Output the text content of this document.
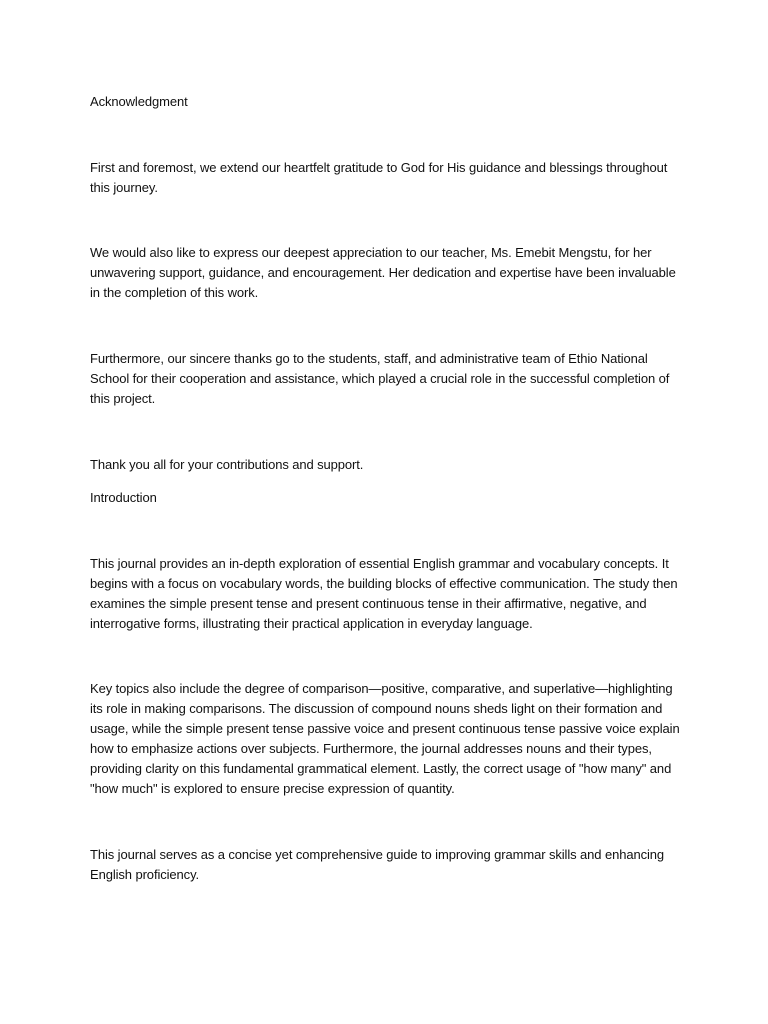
Acknowledgment

First and foremost, we extend our heartfelt gratitude to God for His guidance and blessings throughout this journey.

We would also like to express our deepest appreciation to our teacher, Ms. Emebit Mengstu, for her unwavering support, guidance, and encouragement. Her dedication and expertise have been invaluable in the completion of this work.

Furthermore, our sincere thanks go to the students, staff, and administrative team of Ethio National School for their cooperation and assistance, which played a crucial role in the successful completion of this project.

Thank you all for your contributions and support.

Introduction

This journal provides an in-depth exploration of essential English grammar and vocabulary concepts. It begins with a focus on vocabulary words, the building blocks of effective communication. The study then examines the simple present tense and present continuous tense in their affirmative, negative, and interrogative forms, illustrating their practical application in everyday language.

Key topics also include the degree of comparison—positive, comparative, and superlative—highlighting its role in making comparisons. The discussion of compound nouns sheds light on their formation and usage, while the simple present tense passive voice and present continuous tense passive voice explain how to emphasize actions over subjects. Furthermore, the journal addresses nouns and their types, providing clarity on this fundamental grammatical element. Lastly, the correct usage of "how many" and "how much" is explored to ensure precise expression of quantity.

This journal serves as a concise yet comprehensive guide to improving grammar skills and enhancing English proficiency.
